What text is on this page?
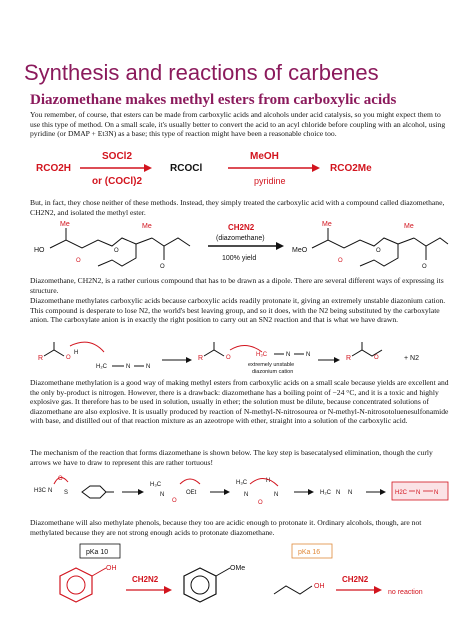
Synthesis and reactions of carbenes
Diazomethane makes methyl esters from carboxylic acids
You remember, of course, that esters can be made from carboxylic acids and alcohols under acid catalysis, so you might expect them to use this type of method. On a small scale, it's usually better to convert the acid to an acyl chloride before coupling with an alcohol, using pyridine (or DMAP + Et3N) as a base; this type of reaction might have been a reasonable choice too.
RCO2H
SOCl2
or (COCl)2
RCOCl
MeOH
pyridine
RCO2Me
But, in fact, they chose neither of these methods. Instead, they simply treated the carboxylic acid with a compound called diazomethane, CH2N2, and isolated the methyl ester.
Me
HO
Me
O
O
O
CH2N2
(diazomethane)
100% yield
Me
MeO
Me
O
O
O
Diazomethane, CH2N2, is a rather curious compound that has to be drawn as a dipole. There are several different ways of expressing its structure.
Diazomethane methylates carboxylic acids because carboxylic acids readily protonate it, giving an extremely unstable diazonium cation. This compound is desperate to lose N2, the world's best leaving group, and so it does, with the N2 being substituted by the carboxylate anion. The carboxylate anion is in exactly the right position to carry out an SN2 reaction and that is what we have drawn.
R	O
H
H₂C	N	N
R	O	H₃C	N	N
extremely unstable
diazonium cation
R	O	+ N2
Diazomethane methylation is a good way of making methyl esters from carboxylic acids on a small scale because yields are excellent and the only by-product is nitrogen. However, there is a drawback: diazomethane has a boiling point of −24 °C, and it is a toxic and highly explosive gas. It therefore has to be used in solution, usually in ether; the solution must be dilute, because concentrated solutions of diazomethane are also explosive. It is usually produced by reaction of N-methyl-N-nitrosourea or N-methyl-N-nitrosotoluenesulfonamide with base, and distilled out of that reaction mixture as an azeotrope with ether, straight into a solution of the carboxylic acid.
The mechanism of the reaction that forms diazomethane is shown below. The key step is basecatalysed elimination, though the curly arrows we have to draw to represent this are rather tortuous!
H3C N
O
S
H₃C
N
O
OEt
H₃C
N
O
H
N	H₂C N N	H2C N N
Diazomethane will also methylate phenols, because they too are acidic enough to protonate it. Ordinary alcohols, though, are not methylated because they are not strong enough acids to protonate diazomethane.
pKa 10
OH
CH2N2
OMe
pKa 16
OH
CH2N2
no reaction
